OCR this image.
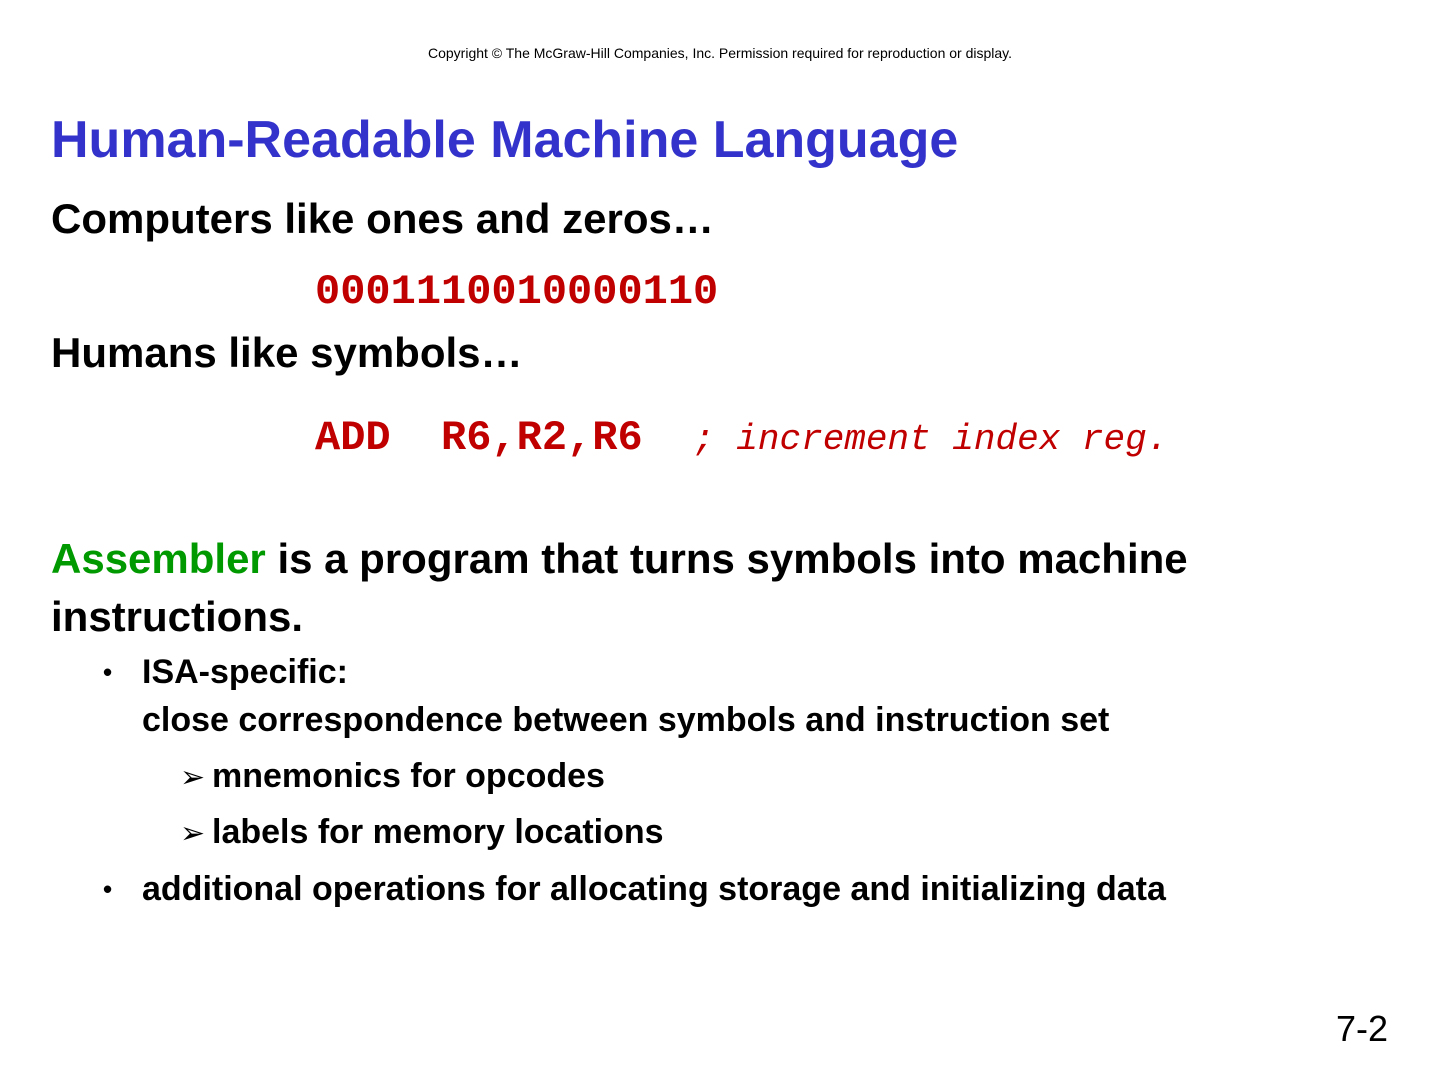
Copyright © The McGraw-Hill Companies, Inc. Permission required for reproduction or display.
Human-Readable Machine Language
Computers like ones and zeros…
0001110010000110
Humans like symbols…
ADD  R6,R2,R6  ; increment index reg.

Assembler is a program that turns symbols into machine instructions.

• ISA-specific:
close correspondence between symbols and instruction set
➢ mnemonics for opcodes
➢ labels for memory locations
• additional operations for allocating storage and initializing data
7-2
